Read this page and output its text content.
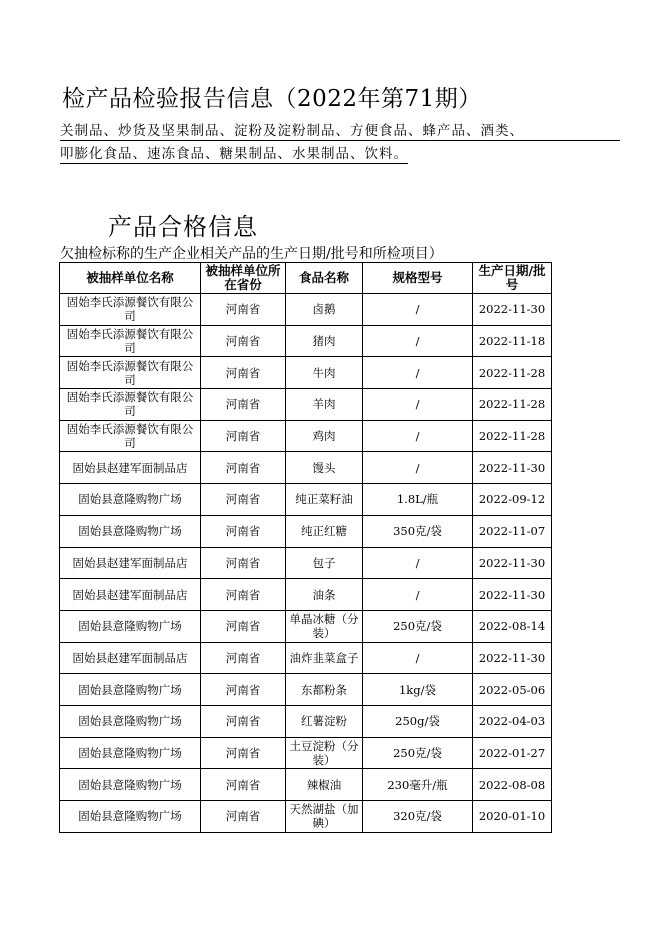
检产品检验报告信息（2022年第71期）
关制品、炒货及坚果制品、淀粉及淀粉制品、方便食品、蜂产品、酒类、
叩膨化食品、速冻食品、糖果制品、水果制品、饮料。
产品合格信息
欠抽检标称的生产企业相关产品的生产日期/批号和所检项目）
被抽样单位名称	被抽样单位所在省份	食品名称	规格型号	生产日期/批号
固始李氏添源餐饮有限公司	河南省	卤鹅	/	2022-11-30
固始李氏添源餐饮有限公司	河南省	猪肉	/	2022-11-18
固始李氏添源餐饮有限公司	河南省	牛肉	/	2022-11-28
固始李氏添源餐饮有限公司	河南省	羊肉	/	2022-11-28
固始李氏添源餐饮有限公司	河南省	鸡肉	/	2022-11-28
固始县赵建军面制品店	河南省	馒头	/	2022-11-30
固始县意隆购物广场	河南省	纯正菜籽油	1.8L/瓶	2022-09-12
固始县意隆购物广场	河南省	纯正红糖	350克/袋	2022-11-07
固始县赵建军面制品店	河南省	包子	/	2022-11-30
固始县赵建军面制品店	河南省	油条	/	2022-11-30
固始县意隆购物广场	河南省	单晶冰糖（分装）	250克/袋	2022-08-14
固始县赵建军面制品店	河南省	油炸韭菜盒子	/	2022-11-30
固始县意隆购物广场	河南省	东都粉条	1kg/袋	2022-05-06
固始县意隆购物广场	河南省	红薯淀粉	250g/袋	2022-04-03
固始县意隆购物广场	河南省	土豆淀粉（分装）	250克/袋	2022-01-27
固始县意隆购物广场	河南省	辣椒油	230毫升/瓶	2022-08-08
固始县意隆购物广场	河南省	天然湖盐（加碘）	320克/袋	2020-01-10
